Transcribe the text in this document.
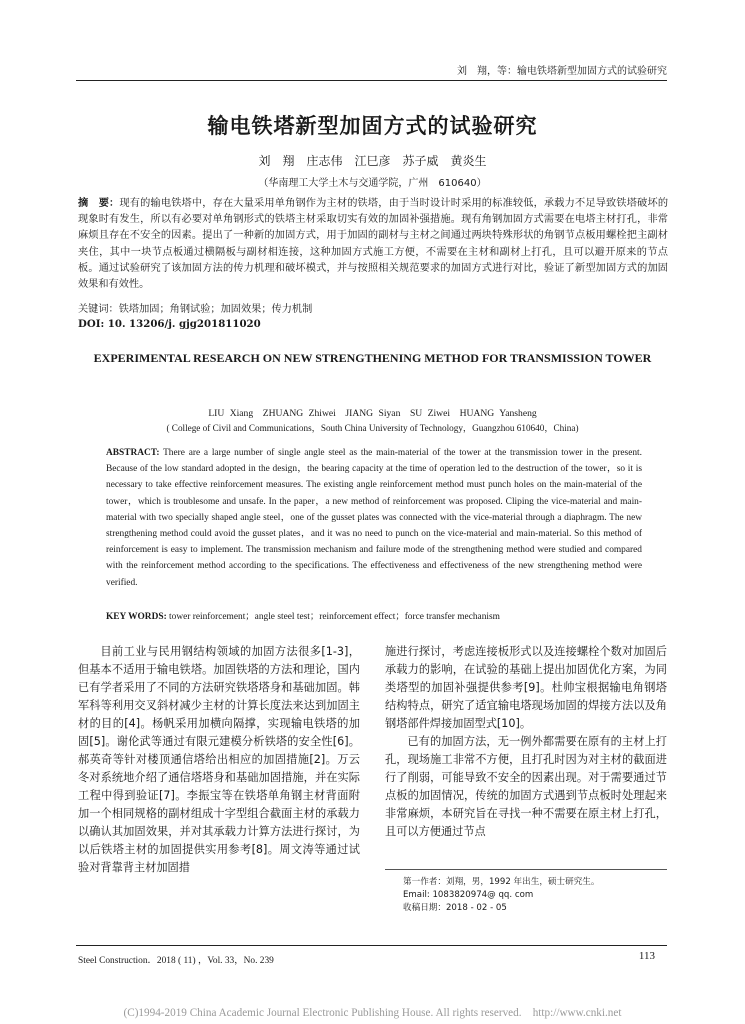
刘　翔，等：输电铁塔新型加固方式的试验研究
输电铁塔新型加固方式的试验研究
刘　翔　庄志伟　江巳彦　苏子威　黄炎生
（华南理工大学土木与交通学院，广州　610640）
摘　要：现有的输电铁塔中，存在大量采用单角钢作为主材的铁塔，由于当时设计时采用的标准较低，承载力不足导致铁塔破坏的现象时有发生，所以有必要对单角钢形式的铁塔主材采取切实有效的加固补强措施。现有角钢加固方式需要在电塔主材打孔，非常麻烦且存在不安全的因素。提出了一种新的加固方式，用于加固的副材与主材之间通过两块特殊形状的角钢节点板用螺栓把主副材夹住，其中一块节点板通过横隔板与副材相连接，这种加固方式施工方便，不需要在主材和副材上打孔，且可以避开原来的节点板。通过试验研究了该加固方法的传力机理和破坏模式，并与按照相关规范要求的加固方式进行对比，验证了新型加固方式的加固效果和有效性。
关键词：铁塔加固；角钢试验；加固效果；传力机制
DOI: 10. 13206/j. gjg201811020
EXPERIMENTAL RESEARCH ON NEW STRENGTHENING METHOD FOR TRANSMISSION TOWER
LIU Xiang　ZHUANG Zhiwei　JIANG Siyan　SU Ziwei　HUANG Yansheng
( College of Civil and Communications，South China University of Technology，Guangzhou 610640，China)
ABSTRACT: There are a large number of single angle steel as the main-material of the tower at the transmission tower in the present. Because of the low standard adopted in the design，the bearing capacity at the time of operation led to the destruction of the tower，so it is necessary to take effective reinforcement measures. The existing angle reinforcement method must punch holes on the main-material of the tower，which is troublesome and unsafe. In the paper，a new method of reinforcement was proposed. Cliping the vice-material and main-material with two specially shaped angle steel，one of the gusset plates was connected with the vice-material through a diaphragm. The new strengthening method could avoid the gusset plates，and it was no need to punch on the vice-material and main-material. So this method of reinforcement is easy to implement. The transmission mechanism and failure mode of the strengthening method were studied and compared with the reinforcement method according to the specifications. The effectiveness and effectiveness of the new strengthening method were verified.
KEY WORDS: tower reinforcement；angle steel test；reinforcement effect；force transfer mechanism

目前工业与民用钢结构领域的加固方法很多[1-3]，但基本不适用于输电铁塔。加固铁塔的方法和理论，国内已有学者采用了不同的方法研究铁塔塔身和基础加固。韩军科等利用交叉斜材减少主材的计算长度法来达到加固主材的目的[4]。杨帆采用加横向隔撑，实现输电铁塔的加固[5]。谢伦武等通过有限元建模分析铁塔的安全性[6]。郝英奇等针对楼顶通信塔给出相应的加固措施[2]。万云冬对系统地介绍了通信塔塔身和基础加固措施，并在实际工程中得到验证[7]。李振宝等在铁塔单角钢主材背面附加一个相同规格的副材组成十字型组合截面主材的承载力以确认其加固效果，并对其承载力计算方法进行探讨，为以后铁塔主材的加固提供实用参考[8]。周文涛等通过试验对背靠背主材加固措

施进行探讨，考虑连接板形式以及连接螺栓个数对加固后承载力的影响，在试验的基础上提出加固优化方案，为同类塔型的加固补强提供参考[9]。杜帅宝根据输电角钢塔结构特点，研究了适宜输电塔现场加固的焊接方法以及角钢塔部件焊接加固型式[10]。

已有的加固方法，无一例外都需要在原有的主材上打孔，现场施工非常不方便，且打孔时因为对主材的截面进行了削弱，可能导致不安全的因素出现。对于需要通过节点板的加固情况，传统的加固方式遇到节点板时处理起来非常麻烦，本研究旨在寻找一种不需要在原主材上打孔，且可以方便通过节点

第一作者：刘翔，男，1992 年出生，硕士研究生。
Email: 1083820974@ qq. com
收稿日期：2018 - 02 - 05
Steel Construction．2018 ( 11) ，Vol. 33，No. 239	113
(C)1994-2019 China Academic Journal Electronic Publishing House. All rights reserved.　http://www.cnki.net
